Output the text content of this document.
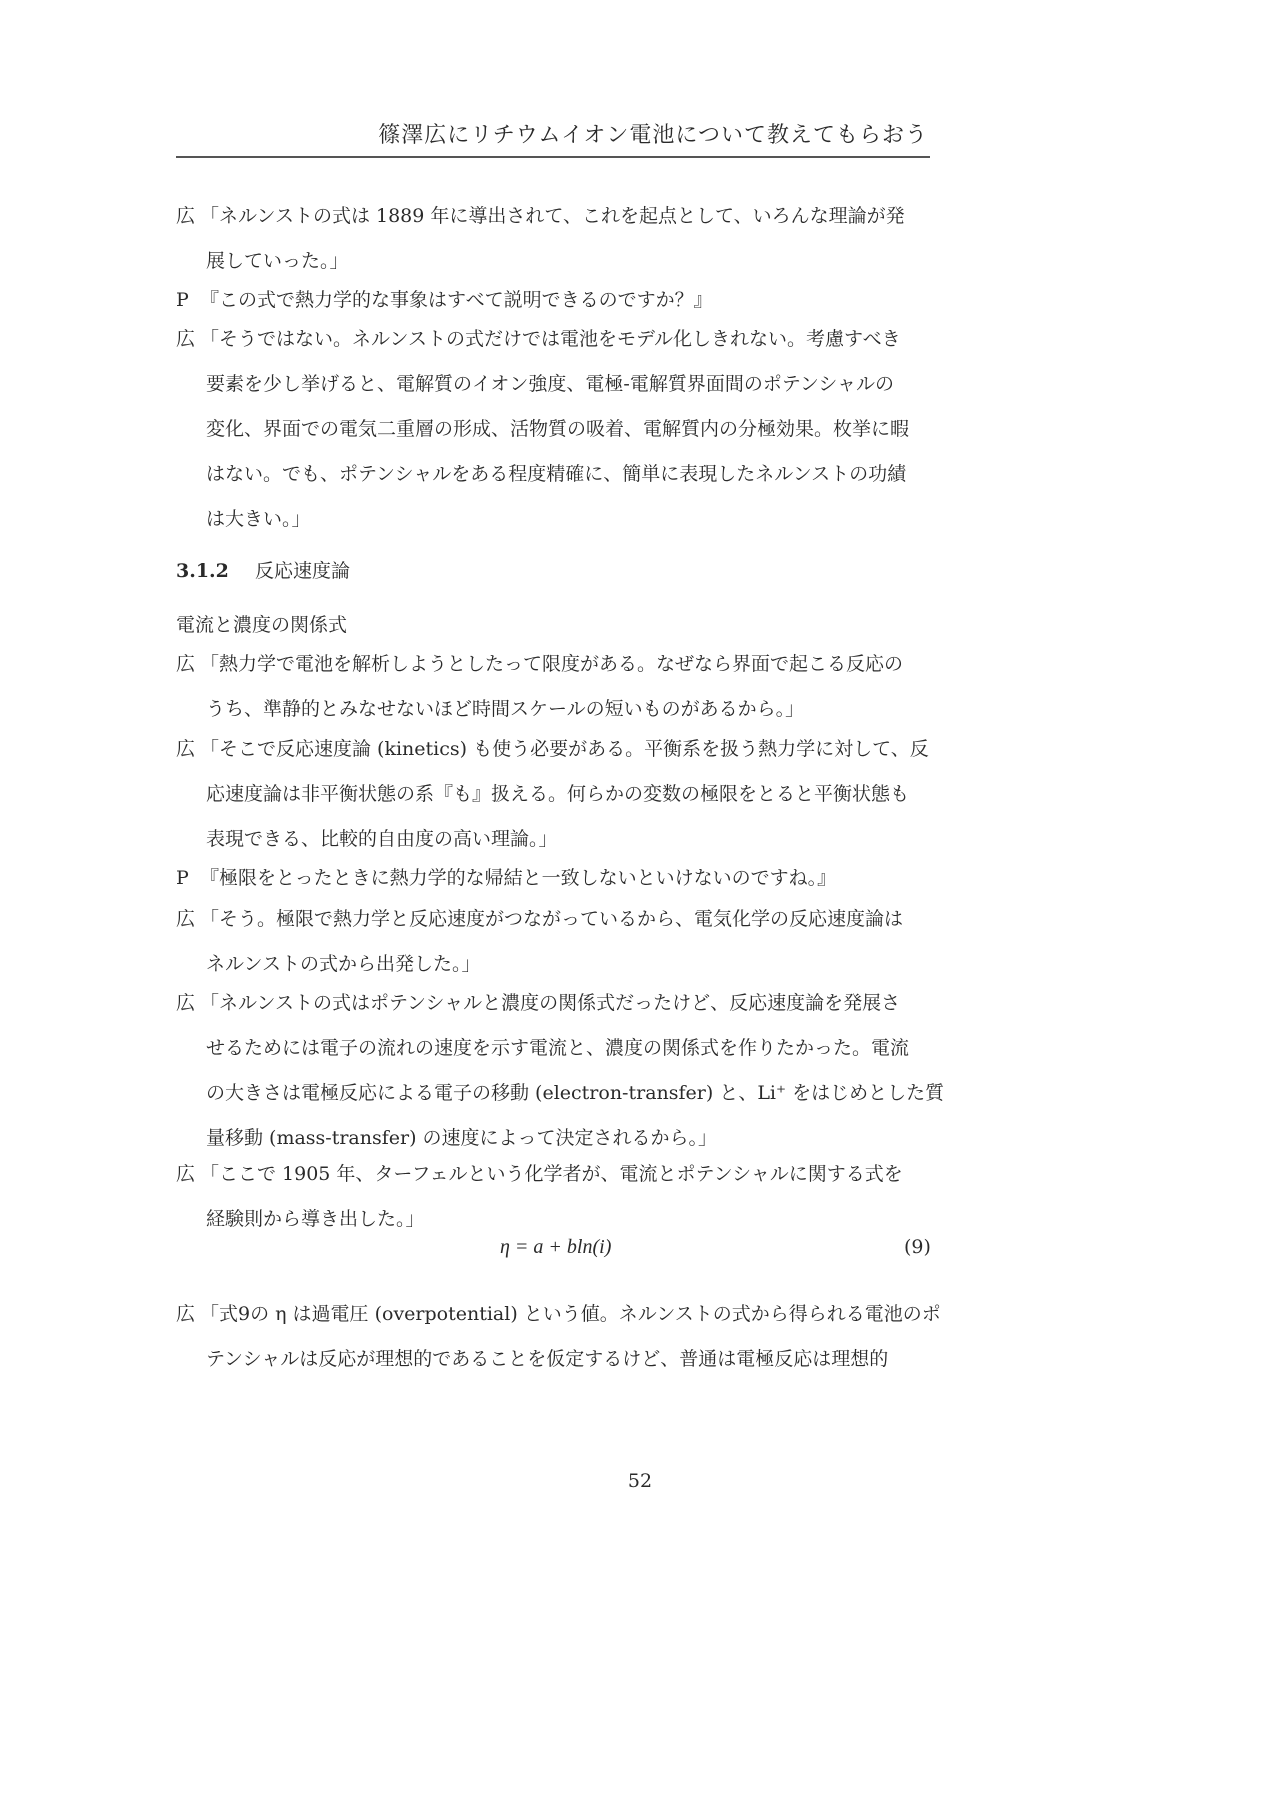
篠澤広にリチウムイオン電池について教えてもらおう
広 「ネルンストの式は 1889 年に導出されて、これを起点として、いろんな理論が発
展していった。」
P 『この式で熱力学的な事象はすべて説明できるのですか？』
広 「そうではない。ネルンストの式だけでは電池をモデル化しきれない。考慮すべき
要素を少し挙げると、電解質のイオン強度、電極-電解質界面間のポテンシャルの
変化、界面での電気二重層の形成、活物質の吸着、電解質内の分極効果。枚挙に暇
はない。でも、ポテンシャルをある程度精確に、簡単に表現したネルンストの功績
は大きい。」
3.1.2 反応速度論
電流と濃度の関係式
広 「熱力学で電池を解析しようとしたって限度がある。なぜなら界面で起こる反応の
うち、準静的とみなせないほど時間スケールの短いものがあるから。」
広 「そこで反応速度論 (kinetics) も使う必要がある。平衡系を扱う熱力学に対して、反
応速度論は非平衡状態の系『も』扱える。何らかの変数の極限をとると平衡状態も
表現できる、比較的自由度の高い理論。」
P 『極限をとったときに熱力学的な帰結と一致しないといけないのですね。』
広 「そう。極限で熱力学と反応速度がつながっているから、電気化学の反応速度論は
ネルンストの式から出発した。」
広 「ネルンストの式はポテンシャルと濃度の関係式だったけど、反応速度論を発展さ
せるためには電子の流れの速度を示す電流と、濃度の関係式を作りたかった。電流
の大きさは電極反応による電子の移動 (electron-transfer) と、Li⁺ をはじめとした質
量移動 (mass-transfer) の速度によって決定されるから。」
広 「ここで 1905 年、ターフェルという化学者が、電流とポテンシャルに関する式を
経験則から導き出した。」
η = a + bln(i)	(9)
広 「式9の η は過電圧 (overpotential) という値。ネルンストの式から得られる電池のポ
テンシャルは反応が理想的であることを仮定するけど、普通は電極反応は理想的
52
